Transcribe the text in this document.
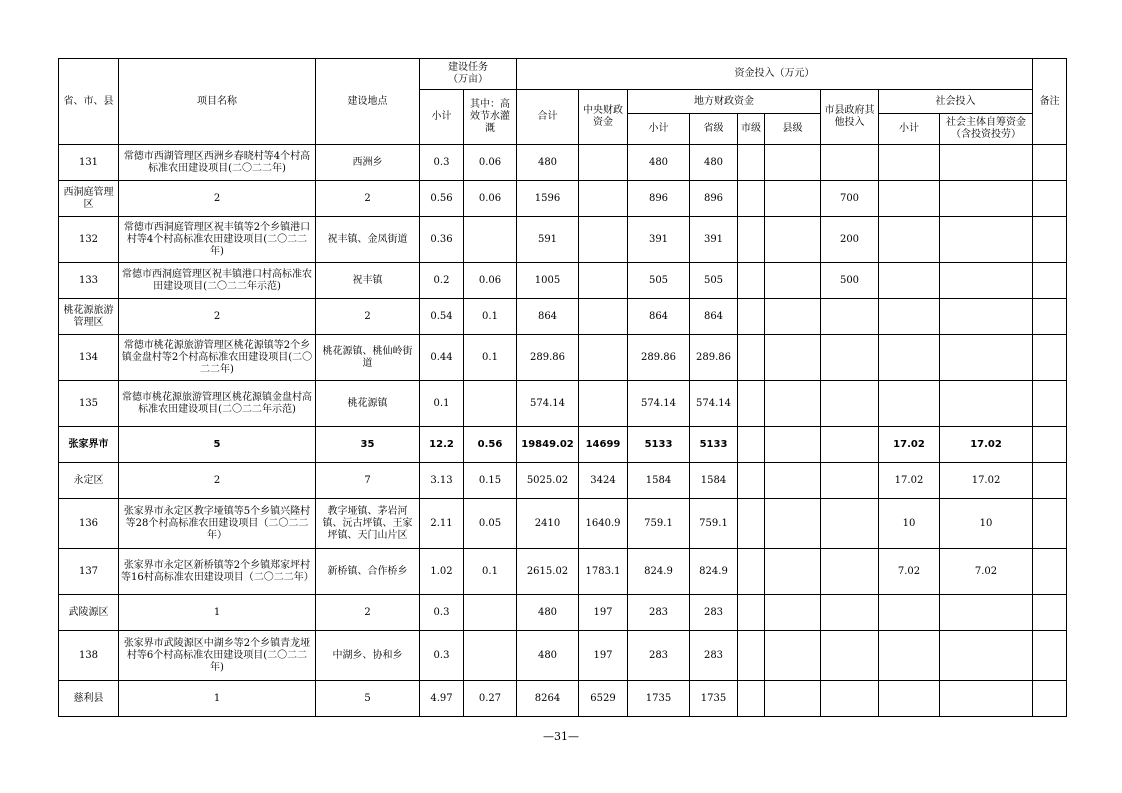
省、市、县	项目名称	建设地点	建设任务
（万亩）		资金投入（万元）									备注
			小计	其中：高效节水灌溉	合计	中央财政资金	地方财政资金				市县政府其他投入	社会投入		
							小计	省级	市级	县级		小计	社会主体自筹资金
（含投资投劳）	
131	常德市西湖管理区西洲乡春晓村等4个村高标准农田建设项目(二〇二二年)	西洲乡	0.3	0.06	480		480	480						
西洞庭管理区	2	2	0.56	0.06	1596		896	896			700			
132	常德市西洞庭管理区祝丰镇等2个乡镇港口村等4个村高标准农田建设项目(二〇二二年)	祝丰镇、金凤街道	0.36		591		391	391			200			
133	常德市西洞庭管理区祝丰镇港口村高标准农田建设项目(二〇二二年示范)	祝丰镇	0.2	0.06	1005		505	505			500			
桃花源旅游管理区	2	2	0.54	0.1	864		864	864						
134	常德市桃花源旅游管理区桃花源镇等2个乡镇金盘村等2个村高标准农田建设项目(二〇二二年)	桃花源镇、桃仙岭街道	0.44	0.1	289.86		289.86	289.86						
135	常德市桃花源旅游管理区桃花源镇金盘村高标准农田建设项目(二〇二二年示范)	桃花源镇	0.1		574.14		574.14	574.14						
张家界市	5	35	12.2	0.56	19849.02	14699	5133	5133				17.02	17.02	
永定区	2	7	3.13	0.15	5025.02	3424	1584	1584				17.02	17.02	
136	张家界市永定区教字垭镇等5个乡镇兴隆村等28个村高标准农田建设项目（二〇二二年）	教字垭镇、茅岩河镇、沅古坪镇、王家坪镇、天门山片区	2.11	0.05	2410	1640.9	759.1	759.1				10	10	
137	张家界市永定区新桥镇等2个乡镇郑家坪村等16村高标准农田建设项目（二〇二二年）	新桥镇、合作桥乡	1.02	0.1	2615.02	1783.1	824.9	824.9				7.02	7.02	
武陵源区	1	2	0.3		480	197	283	283						
138	张家界市武陵源区中湖乡等2个乡镇青龙垭村等6个村高标准农田建设项目(二〇二二年)	中湖乡、协和乡	0.3		480	197	283	283						
慈利县	1	5	4.97	0.27	8264	6529	1735	1735						
—31—
